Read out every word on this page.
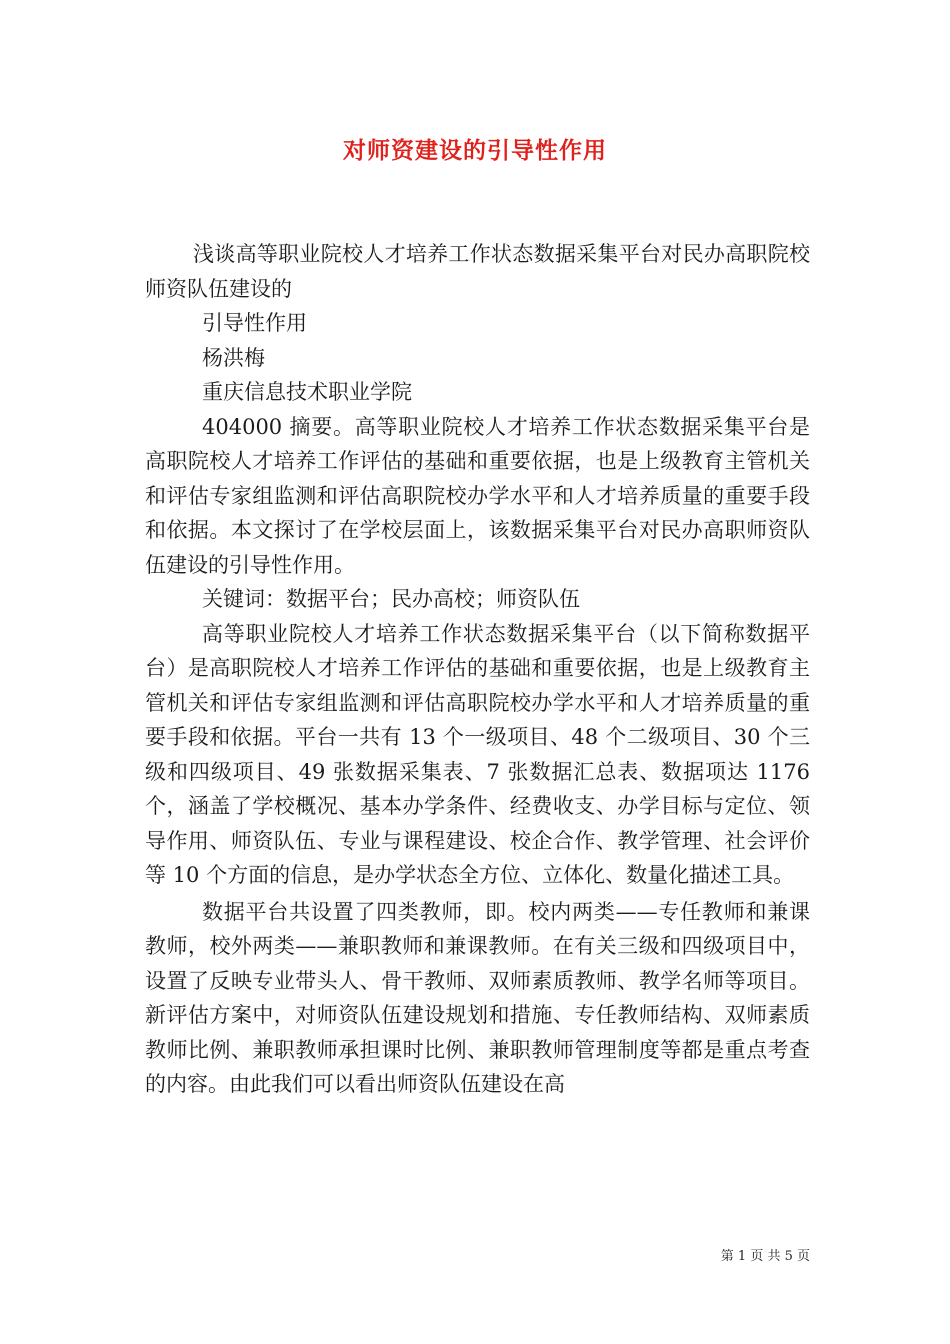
对师资建设的引导性作用

浅谈高等职业院校人才培养工作状态数据采集平台对民办高职院校师资队伍建设的

引导性作用

杨洪梅

重庆信息技术职业学院

404000 摘要。高等职业院校人才培养工作状态数据采集平台是高职院校人才培养工作评估的基础和重要依据，也是上级教育主管机关和评估专家组监测和评估高职院校办学水平和人才培养质量的重要手段和依据。本文探讨了在学校层面上，该数据采集平台对民办高职师资队伍建设的引导性作用。

关键词：数据平台；民办高校；师资队伍

高等职业院校人才培养工作状态数据采集平台（以下简称数据平台）是高职院校人才培养工作评估的基础和重要依据，也是上级教育主管机关和评估专家组监测和评估高职院校办学水平和人才培养质量的重要手段和依据。平台一共有 13 个一级项目、48 个二级项目、30 个三级和四级项目、49 张数据采集表、7 张数据汇总表、数据项达 1176 个，涵盖了学校概况、基本办学条件、经费收支、办学目标与定位、领导作用、师资队伍、专业与课程建设、校企合作、教学管理、社会评价等 10 个方面的信息，是办学状态全方位、立体化、数量化描述工具。

数据平台共设置了四类教师，即。校内两类——专任教师和兼课教师，校外两类——兼职教师和兼课教师。在有关三级和四级项目中，设置了反映专业带头人、骨干教师、双师素质教师、教学名师等项目。新评估方案中，对师资队伍建设规划和措施、专任教师结构、双师素质教师比例、兼职教师承担课时比例、兼职教师管理制度等都是重点考查的内容。由此我们可以看出师资队伍建设在高

第 1 页 共 5 页
